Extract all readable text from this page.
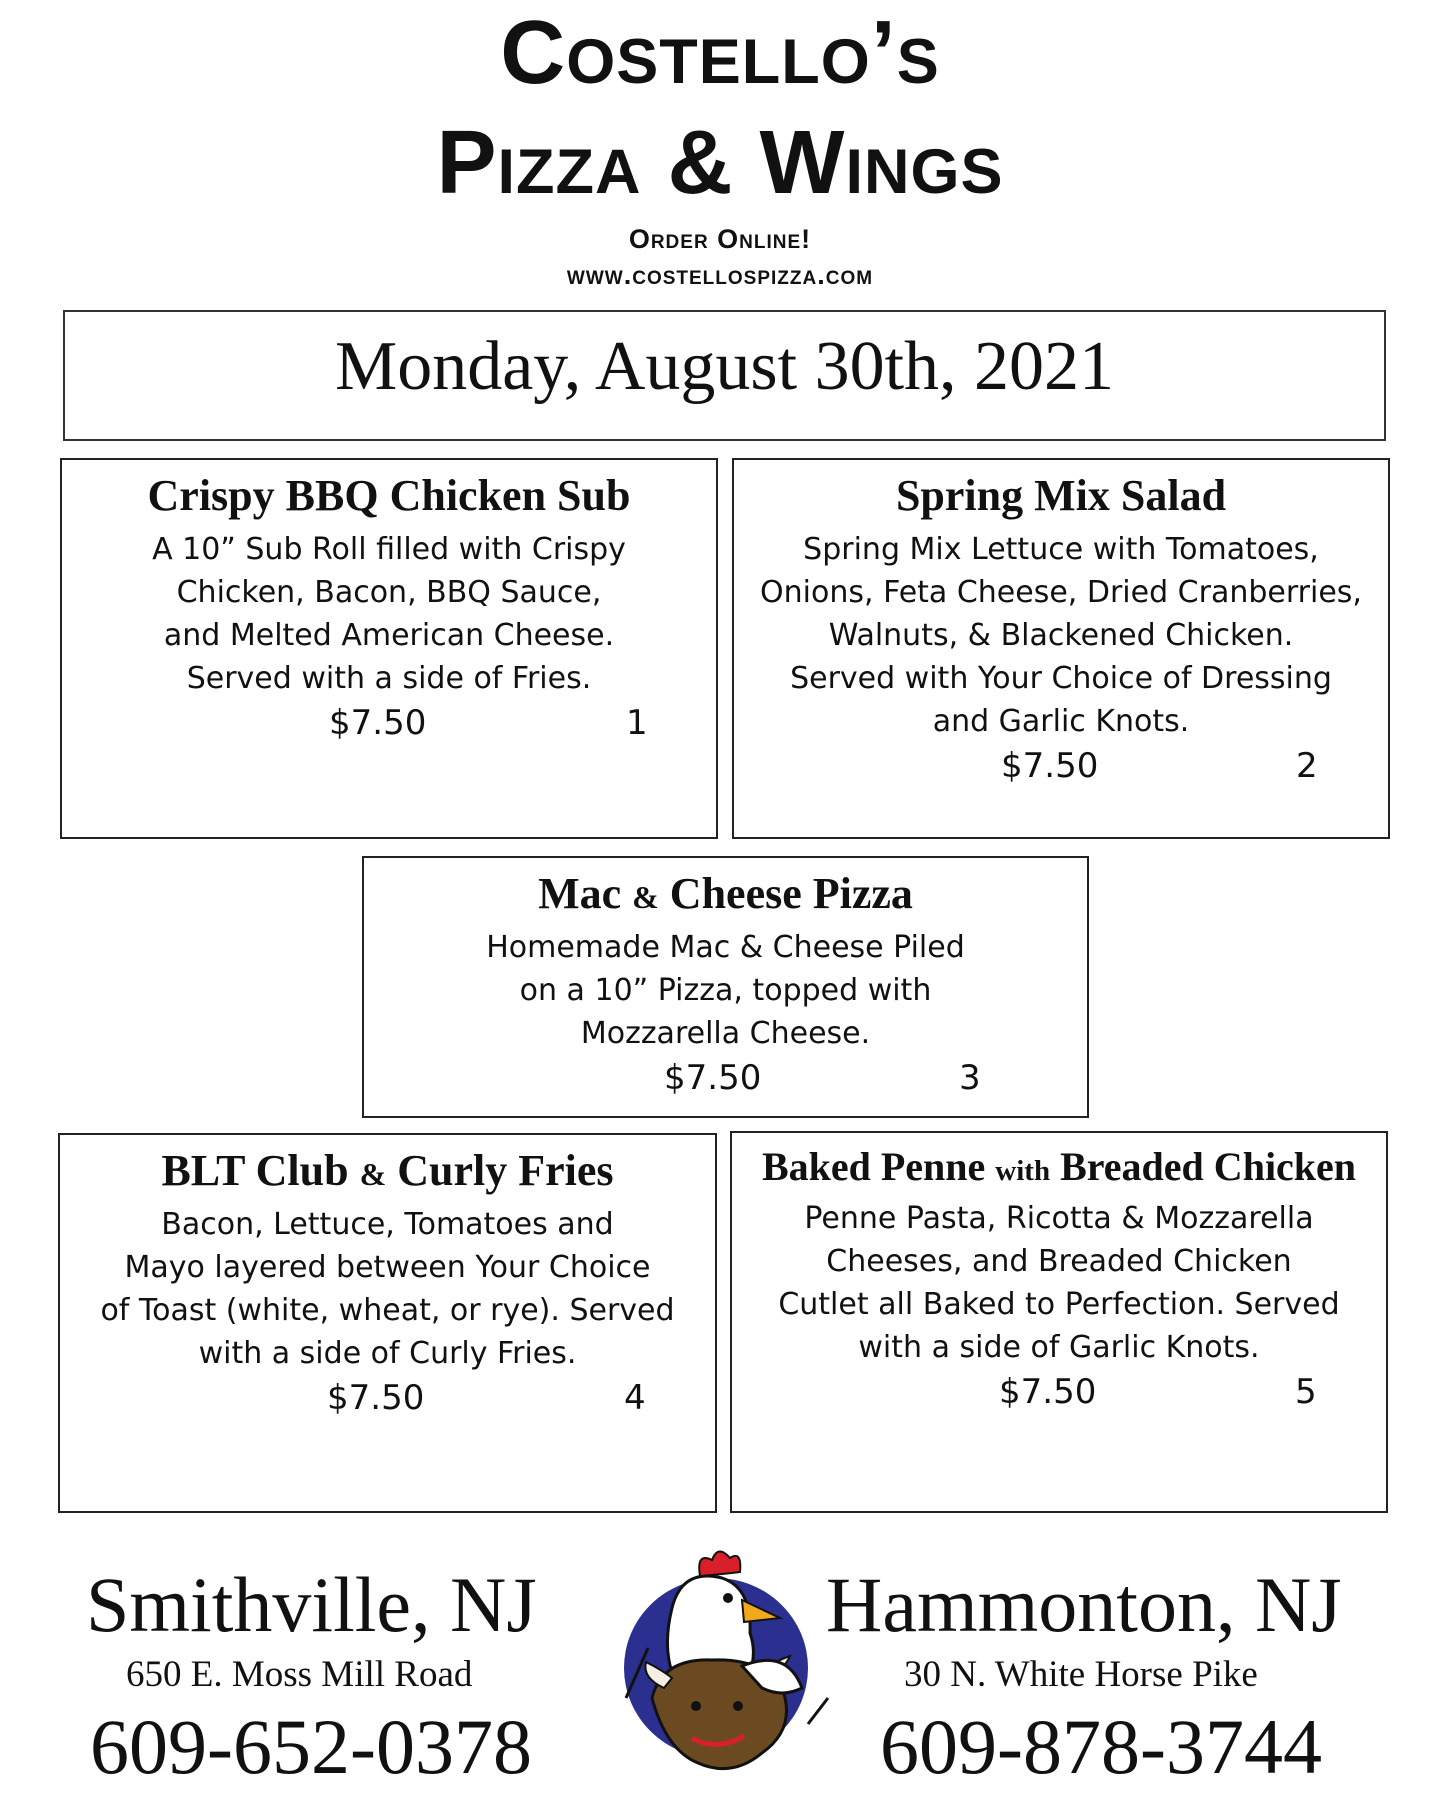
Costello’s
Pizza & Wings
Order Online!
www.costellospizza.com
Monday, August 30th, 2021
Crispy BBQ Chicken Sub

A 10” Sub Roll filled with Crispy
Chicken, Bacon, BBQ Sauce,
and Melted American Cheese.
Served with a side of Fries.

$7.50	1
Spring Mix Salad

Spring Mix Lettuce with Tomatoes,
Onions, Feta Cheese, Dried Cranberries,
Walnuts, & Blackened Chicken.
Served with Your Choice of Dressing
and Garlic Knots.

$7.50	2
Mac & Cheese Pizza

Homemade Mac & Cheese Piled
on a 10” Pizza, topped with
Mozzarella Cheese.

$7.50	3
BLT Club & Curly Fries

Bacon, Lettuce, Tomatoes and
Mayo layered between Your Choice
of Toast (white, wheat, or rye). Served
with a side of Curly Fries.

$7.50	4
Baked Penne with Breaded Chicken

Penne Pasta, Ricotta & Mozzarella
Cheeses, and Breaded Chicken
Cutlet all Baked to Perfection. Served
with a side of Garlic Knots.

$7.50	5
Smithville, NJ
650 E. Moss Mill Road
609-652-0378
Hammonton, NJ
30 N. White Horse Pike
609-878-3744
